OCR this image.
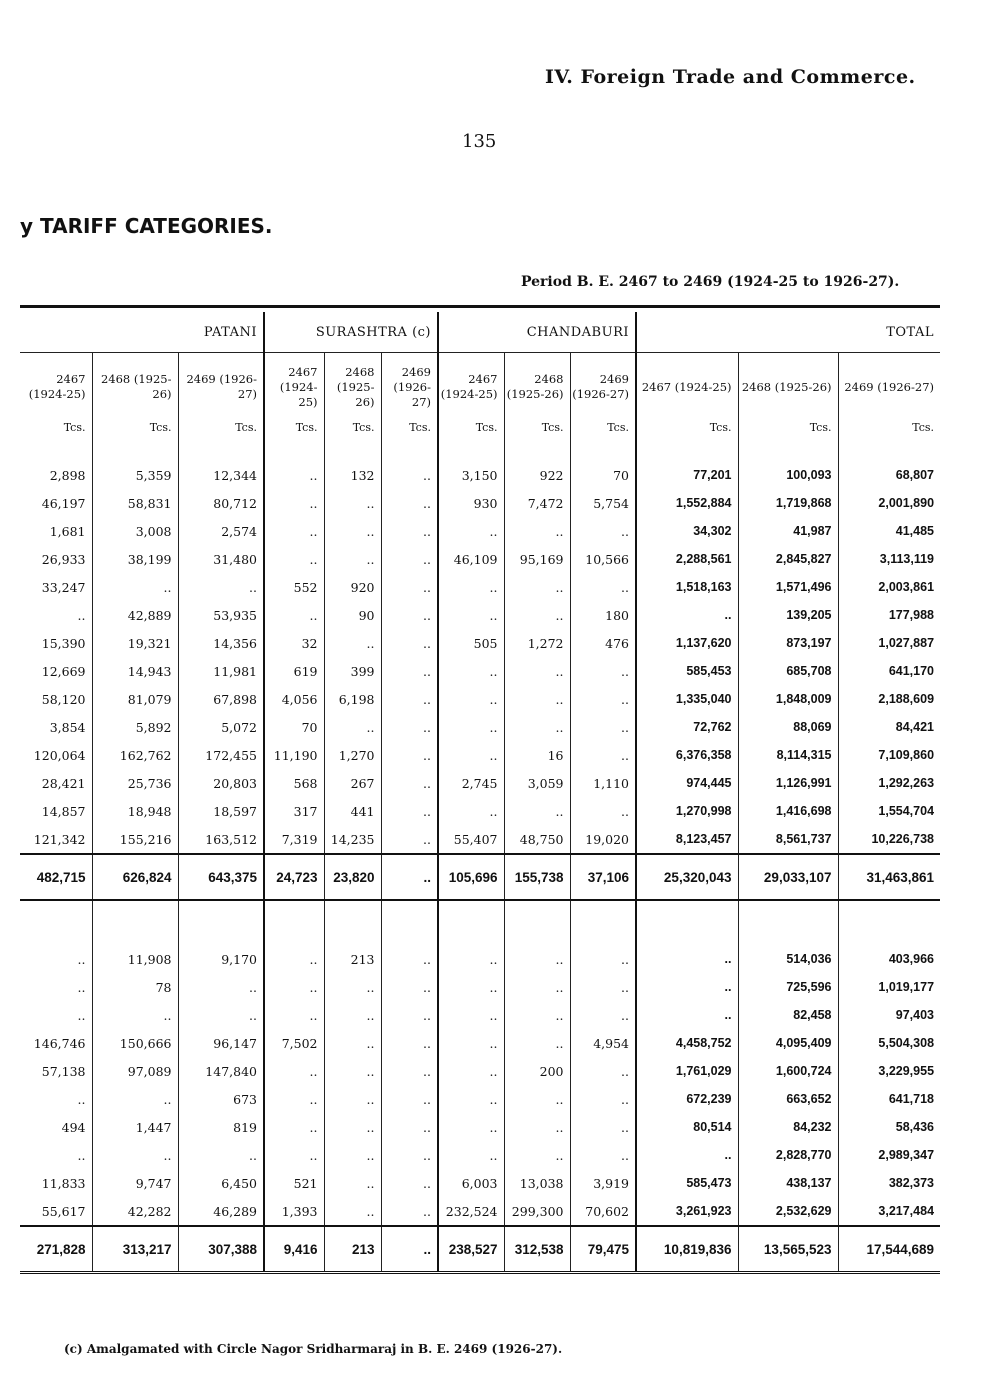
IV. Foreign Trade and Commerce.
135
y TARIFF CATEGORIES.
Period B. E. 2467 to 2469 (1924-25 to 1926-27).
PATANI			SURASHTRA (c)			CHANDABURI			TOTAL		
2467 (1924-25)	2468 (1925-26)	2469 (1926-27)	2467 (1924-25)	2468 (1925-26)	2469 (1926-27)	2467 (1924-25)	2468 (1925-26)	2469 (1926-27)	2467 (1924-25)	2468 (1925-26)	2469 (1926-27)
Tcs.	Tcs.	Tcs.	Tcs.	Tcs.	Tcs.	Tcs.	Tcs.	Tcs.	Tcs.	Tcs.	Tcs.
2,898	5,359	12,344	..	132	..	3,150	922	70	77,201	100,093	68,807
46,197	58,831	80,712	..	..	..	930	7,472	5,754	1,552,884	1,719,868	2,001,890
1,681	3,008	2,574	..	..	..	..	..	..	34,302	41,987	41,485
26,933	38,199	31,480	..	..	..	46,109	95,169	10,566	2,288,561	2,845,827	3,113,119
33,247	..	..	552	920	..	..	..	..	1,518,163	1,571,496	2,003,861
..	42,889	53,935	..	90	..	..	..	180	..	139,205	177,988
15,390	19,321	14,356	32	..	..	505	1,272	476	1,137,620	873,197	1,027,887
12,669	14,943	11,981	619	399	..	..	..	..	585,453	685,708	641,170
58,120	81,079	67,898	4,056	6,198	..	..	..	..	1,335,040	1,848,009	2,188,609
3,854	5,892	5,072	70	..	..	..	..	..	72,762	88,069	84,421
120,064	162,762	172,455	11,190	1,270	..	..	16	..	6,376,358	8,114,315	7,109,860
28,421	25,736	20,803	568	267	..	2,745	3,059	1,110	974,445	1,126,991	1,292,263
14,857	18,948	18,597	317	441	..	..	..	..	1,270,998	1,416,698	1,554,704
121,342	155,216	163,512	7,319	14,235	..	55,407	48,750	19,020	8,123,457	8,561,737	10,226,738
482,715	626,824	643,375	24,723	23,820	..	105,696	155,738	37,106	25,320,043	29,033,107	31,463,861

..	11,908	9,170	..	213	..	..	..	..	..	514,036	403,966
..	78	..	..	..	..	..	..	..	..	725,596	1,019,177
..	..	..	..	..	..	..	..	..	..	82,458	97,403
146,746	150,666	96,147	7,502	..	..	..	..	4,954	4,458,752	4,095,409	5,504,308
57,138	97,089	147,840	..	..	..	..	200	..	1,761,029	1,600,724	3,229,955
..	..	673	..	..	..	..	..	..	672,239	663,652	641,718
494	1,447	819	..	..	..	..	..	..	80,514	84,232	58,436
..	..	..	..	..	..	..	..	..	..	2,828,770	2,989,347
11,833	9,747	6,450	521	..	..	6,003	13,038	3,919	585,473	438,137	382,373
55,617	42,282	46,289	1,393	..	..	232,524	299,300	70,602	3,261,923	2,532,629	3,217,484
271,828	313,217	307,388	9,416	213	..	238,527	312,538	79,475	10,819,836	13,565,523	17,544,689
(c) Amalgamated with Circle Nagor Sridharmaraj in B. E. 2469 (1926-27).
